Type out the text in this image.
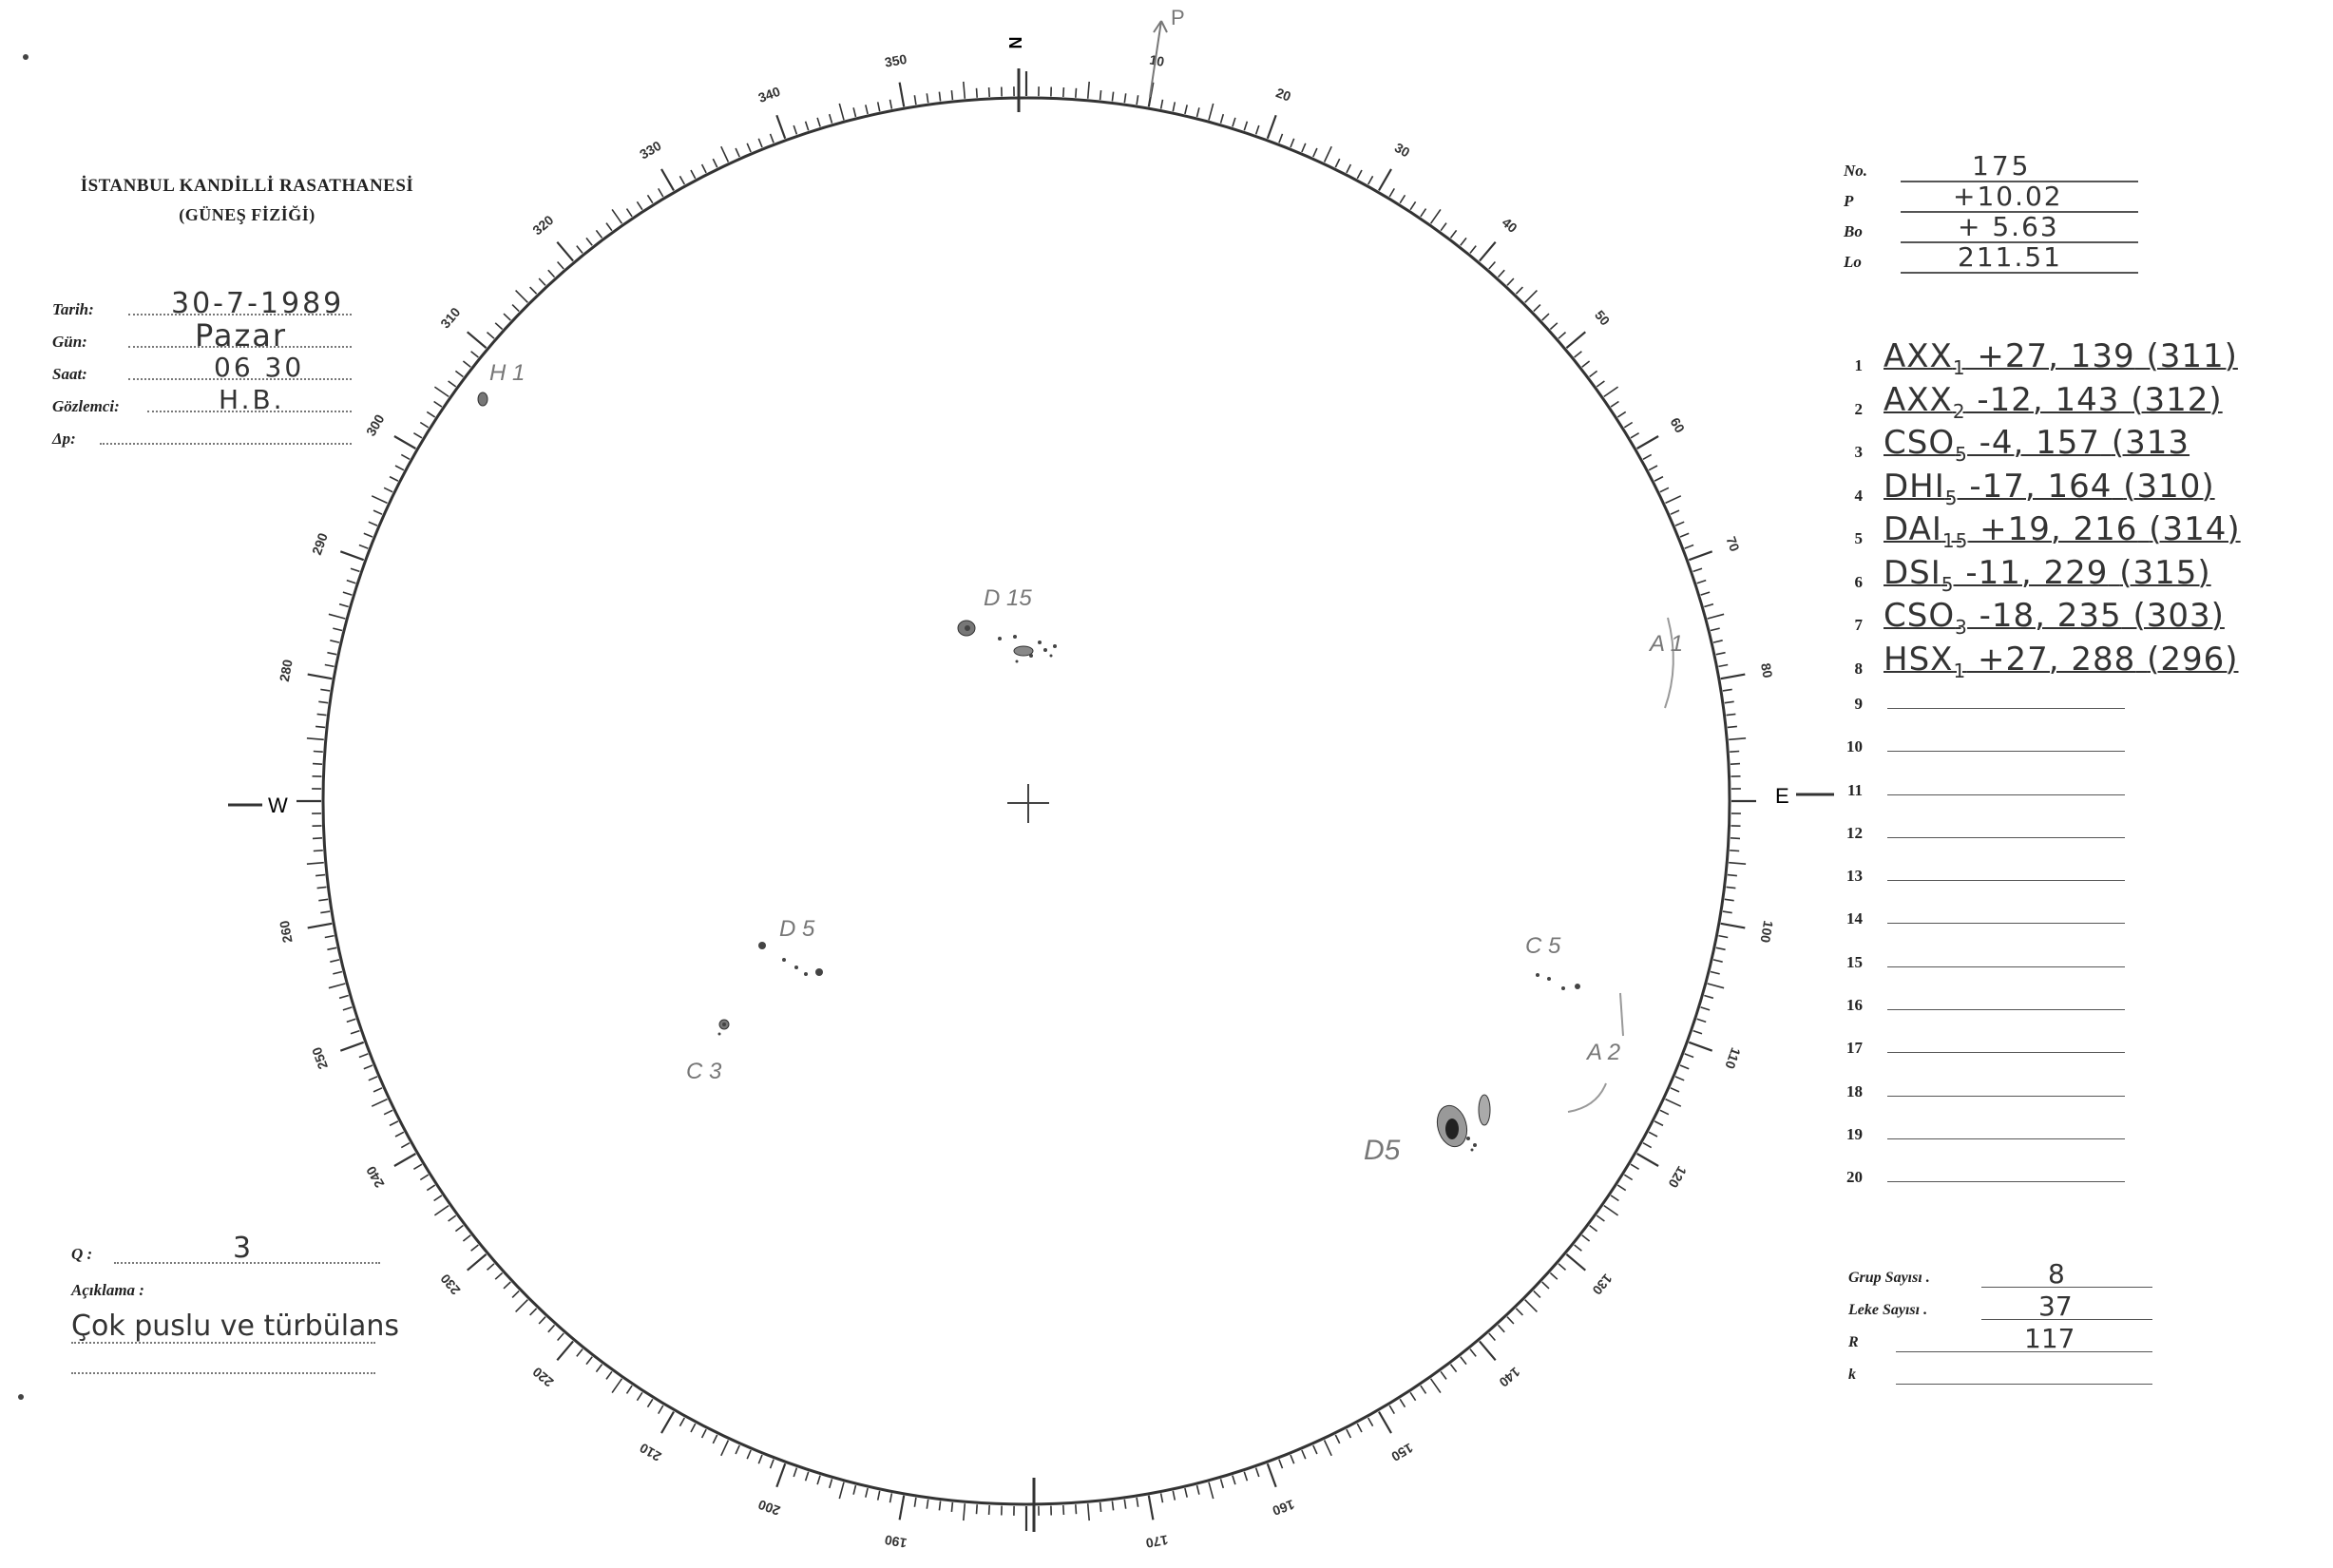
İSTANBUL KANDİLLİ RASATHANESİ
(GÜNEŞ FİZİĞİ)
Tarih:	30-7-1989
Gün:	Pazar
Saat:	06 30
Gözlemci:	H.B.
Δp:
Q :	3
Açıklama :
Çok puslu ve türbülans
No.	175
P	+10.02
Bo	+ 5.63
Lo	211.51
1 $AXX_1 +27$, 139 (311)
2 $AXX_2$ -12, 143 (312)
3 $CSO_5$ -4, 157 (313
4 $DHI_5$ -17, 164 (310)
5 $DAI_{15} +19$, 216 (314)
6 $DSI_5$ -11, 229 (315)
7 $CSO_3$ -18, 235 (303)
8 $HSX_1 +27$, 288 (296)
9
10
11
12
13
14
15
16
17
18
19
20
Grup Sayısı .	8
Leke Sayısı .	37
R	117
k
10
20
30
40
50
60
70
80
100
110
120
130
140
150
160
170
190
200
210
220
230
240
250
260
280
290
300
310
320
330
340
350
N
W	E
P
D 15
D 5
C 3
C 5
A 2
A 1
D5
H 1
